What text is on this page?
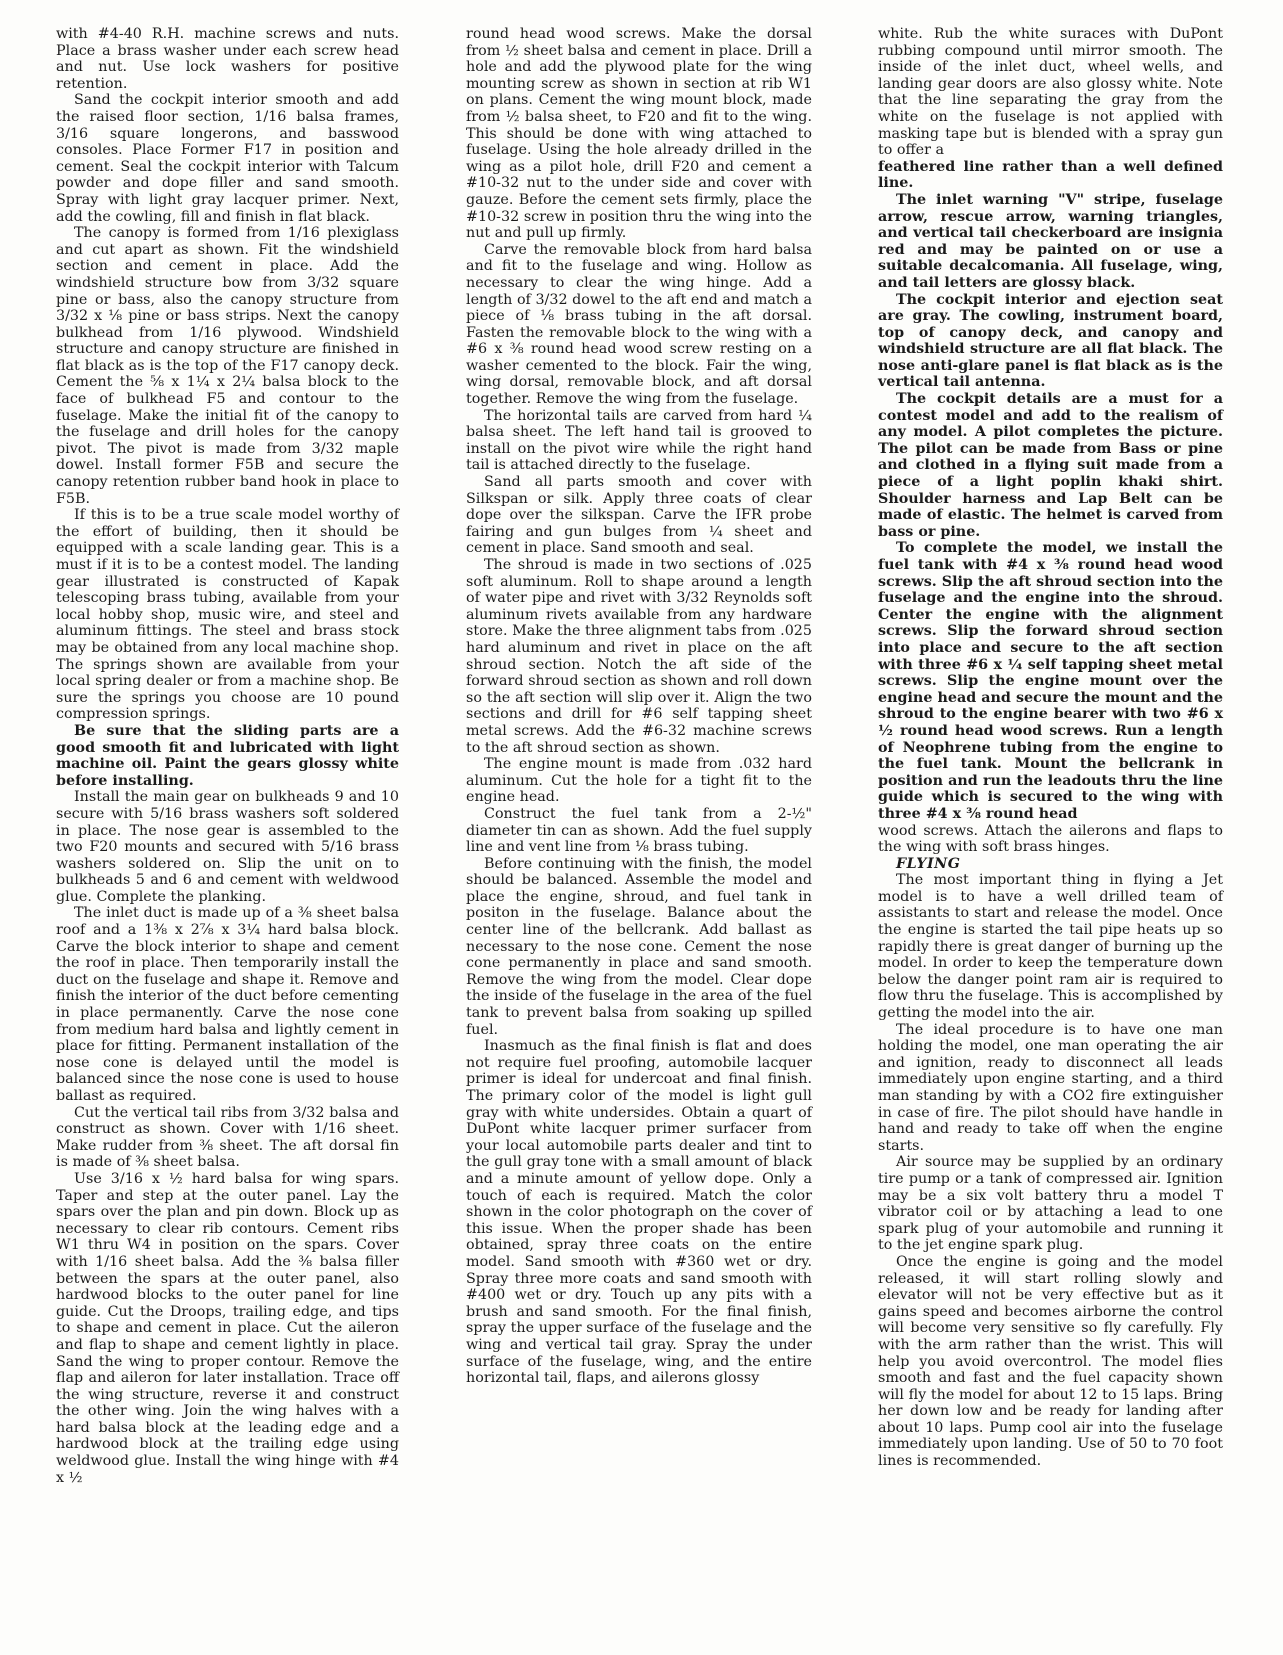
with #4-40 R.H. machine screws and nuts. Place a brass washer under each screw head and nut. Use lock washers for positive retention.

Sand the cockpit interior smooth and add the raised floor section, 1/16 balsa frames, 3/16 square longerons, and basswood consoles. Place Former F17 in position and cement. Seal the cockpit interior with Talcum powder and dope filler and sand smooth. Spray with light gray lacquer primer. Next, add the cowling, fill and finish in flat black.

The canopy is formed from 1/16 plexiglass and cut apart as shown. Fit the windshield section and cement in place. Add the windshield structure bow from 3/32 square pine or bass, also the canopy structure from 3/32 x ⅛ pine or bass strips. Next the canopy bulkhead from 1/16 plywood. Windshield structure and canopy structure are finished in flat black as is the top of the F17 canopy deck. Cement the ⅝ x 1¼ x 2¼ balsa block to the face of bulkhead F5 and contour to the fuselage. Make the initial fit of the canopy to the fuselage and drill holes for the canopy pivot. The pivot is made from 3/32 maple dowel. Install former F5B and secure the canopy retention rubber band hook in place to F5B.

If this is to be a true scale model worthy of the effort of building, then it should be equipped with a scale landing gear. This is a must if it is to be a contest model. The landing gear illustrated is constructed of Kapak telescoping brass tubing, available from your local hobby shop, music wire, and steel and aluminum fittings. The steel and brass stock may be obtained from any local machine shop. The springs shown are available from your local spring dealer or from a machine shop. Be sure the springs you choose are 10 pound compression springs.

Be sure that the sliding parts are a good smooth fit and lubricated with light machine oil. Paint the gears glossy white before installing.

Install the main gear on bulkheads 9 and 10 secure with 5/16 brass washers soft soldered in place. The nose gear is assembled to the two F20 mounts and secured with 5/16 brass washers soldered on. Slip the unit on to bulkheads 5 and 6 and cement with weldwood glue. Complete the planking.

The inlet duct is made up of a ⅜ sheet balsa roof and a 1⅜ x 2⅞ x 3¼ hard balsa block. Carve the block interior to shape and cement the roof in place. Then temporarily install the duct on the fuselage and shape it. Remove and finish the interior of the duct before cementing in place permanently. Carve the nose cone from medium hard balsa and lightly cement in place for fitting. Permanent installation of the nose cone is delayed until the model is balanced since the nose cone is used to house ballast as required.

Cut the vertical tail ribs from 3/32 balsa and construct as shown. Cover with 1/16 sheet. Make rudder from ⅜ sheet. The aft dorsal fin is made of ⅜ sheet balsa.

Use 3/16 x ½ hard balsa for wing spars. Taper and step at the outer panel. Lay the spars over the plan and pin down. Block up as necessary to clear rib contours. Cement ribs W1 thru W4 in position on the spars. Cover with 1/16 sheet balsa. Add the ⅜ balsa filler between the spars at the outer panel, also hardwood blocks to the outer panel for line guide. Cut the Droops, trailing edge, and tips to shape and cement in place. Cut the aileron and flap to shape and cement lightly in place. Sand the wing to proper contour. Remove the flap and aileron for later installation. Trace off the wing structure, reverse it and construct the other wing. Join the wing halves with a hard balsa block at the leading edge and a hardwood block at the trailing edge using weldwood glue. Install the wing hinge with #4 x ½

round head wood screws. Make the dorsal from ½ sheet balsa and cement in place. Drill a hole and add the plywood plate for the wing mounting screw as shown in section at rib W1 on plans. Cement the wing mount block, made from ½ balsa sheet, to F20 and fit to the wing. This should be done with wing attached to fuselage. Using the hole already drilled in the wing as a pilot hole, drill F20 and cement a #10-32 nut to the under side and cover with gauze. Before the cement sets firmly, place the #10-32 screw in position thru the wing into the nut and pull up firmly.

Carve the removable block from hard balsa and fit to the fuselage and wing. Hollow as necessary to clear the wing hinge. Add a length of 3/32 dowel to the aft end and match a piece of ⅛ brass tubing in the aft dorsal. Fasten the removable block to the wing with a #6 x ⅜ round head wood screw resting on a washer cemented to the block. Fair the wing, wing dorsal, removable block, and aft dorsal together. Remove the wing from the fuselage.

The horizontal tails are carved from hard ¼ balsa sheet. The left hand tail is grooved to install on the pivot wire while the right hand tail is attached directly to the fuselage.

Sand all parts smooth and cover with Silkspan or silk. Apply three coats of clear dope over the silkspan. Carve the IFR probe fairing and gun bulges from ¼ sheet and cement in place. Sand smooth and seal.

The shroud is made in two sections of .025 soft aluminum. Roll to shape around a length of water pipe and rivet with 3/32 Reynolds soft aluminum rivets available from any hardware store. Make the three alignment tabs from .025 hard aluminum and rivet in place on the aft shroud section. Notch the aft side of the forward shroud section as shown and roll down so the aft section will slip over it. Align the two sections and drill for #6 self tapping sheet metal screws. Add the #6-32 machine screws to the aft shroud section as shown.

The engine mount is made from .032 hard aluminum. Cut the hole for a tight fit to the engine head.

Construct the fuel tank from a 2-½" diameter tin can as shown. Add the fuel supply line and vent line from ⅛ brass tubing.

Before continuing with the finish, the model should be balanced. Assemble the model and place the engine, shroud, and fuel tank in positon in the fuselage. Balance about the center line of the bellcrank. Add ballast as necessary to the nose cone. Cement the nose cone permanently in place and sand smooth. Remove the wing from the model. Clear dope the inside of the fuselage in the area of the fuel tank to prevent balsa from soaking up spilled fuel.

Inasmuch as the final finish is flat and does not require fuel proofing, automobile lacquer primer is ideal for undercoat and final finish. The primary color of the model is light gull gray with white undersides. Obtain a quart of DuPont white lacquer primer surfacer from your local automobile parts dealer and tint to the gull gray tone with a small amount of black and a minute amount of yellow dope. Only a touch of each is required. Match the color shown in the color photograph on the cover of this issue. When the proper shade has been obtained, spray three coats on the entire model. Sand smooth with #360 wet or dry. Spray three more coats and sand smooth with #400 wet or dry. Touch up any pits with a brush and sand smooth. For the final finish, spray the upper surface of the fuselage and the wing and vertical tail gray. Spray the under surface of the fuselage, wing, and the entire horizontal tail, flaps, and ailerons glossy

white. Rub the white suraces with DuPont rubbing compound until mirror smooth. The inside of the inlet duct, wheel wells, and landing gear doors are also glossy white. Note that the line separating the gray from the white on the fuselage is not applied with masking tape but is blended with a spray gun to offer a

feathered line rather than a well defined line.

The inlet warning "V" stripe, fuselage arrow, rescue arrow, warning triangles, and vertical tail checkerboard are insignia red and may be painted on or use a suitable decalcomania. All fuselage, wing, and tail letters are glossy black.

The cockpit interior and ejection seat are gray. The cowling, instrument board, top of canopy deck, and canopy and windshield structure are all flat black. The nose anti-glare panel is flat black as is the vertical tail antenna.

The cockpit details are a must for a contest model and add to the realism of any model. A pilot completes the picture. The pilot can be made from Bass or pine and clothed in a flying suit made from a piece of a light poplin khaki shirt. Shoulder harness and Lap Belt can be made of elastic. The helmet is carved from bass or pine.

To complete the model, we install the fuel tank with #4 x ⅜ round head wood screws. Slip the aft shroud section into the fuselage and the engine into the shroud. Center the engine with the alignment screws. Slip the forward shroud section into place and secure to the aft section with three #6 x ¼ self tapping sheet metal screws. Slip the engine mount over the engine head and secure the mount and the shroud to the engine bearer with two #6 x ½ round head wood screws. Run a length of Neophrene tubing from the engine to the fuel tank. Mount the bellcrank in position and run the leadouts thru the line guide which is secured to the wing with three #4 x ⅜ round head

wood screws. Attach the ailerons and flaps to the wing with soft brass hinges.

FLYING

The most important thing in flying a Jet model is to have a well drilled team of assistants to start and release the model. Once the engine is started the tail pipe heats up so rapidly there is great danger of burning up the model. In order to keep the temperature down below the danger point ram air is required to flow thru the fuselage. This is accomplished by getting the model into the air.

The ideal procedure is to have one man holding the model, one man operating the air and ignition, ready to disconnect all leads immediately upon engine starting, and a third man standing by with a CO2 fire extinguisher in case of fire. The pilot should have handle in hand and ready to take off when the engine starts.

Air source may be supplied by an ordinary tire pump or a tank of compressed air. Ignition may be a six volt battery thru a model T vibrator coil or by attaching a lead to one spark plug of your automobile and running it to the jet engine spark plug.

Once the engine is going and the model released, it will start rolling slowly and elevator will not be very effective but as it gains speed and becomes airborne the control will become very sensitive so fly carefully. Fly with the arm rather than the wrist. This will help you avoid overcontrol. The model flies smooth and fast and the fuel capacity shown will fly the model for about 12 to 15 laps. Bring her down low and be ready for landing after about 10 laps. Pump cool air into the fuselage immediately upon landing. Use of 50 to 70 foot lines is recommended.
